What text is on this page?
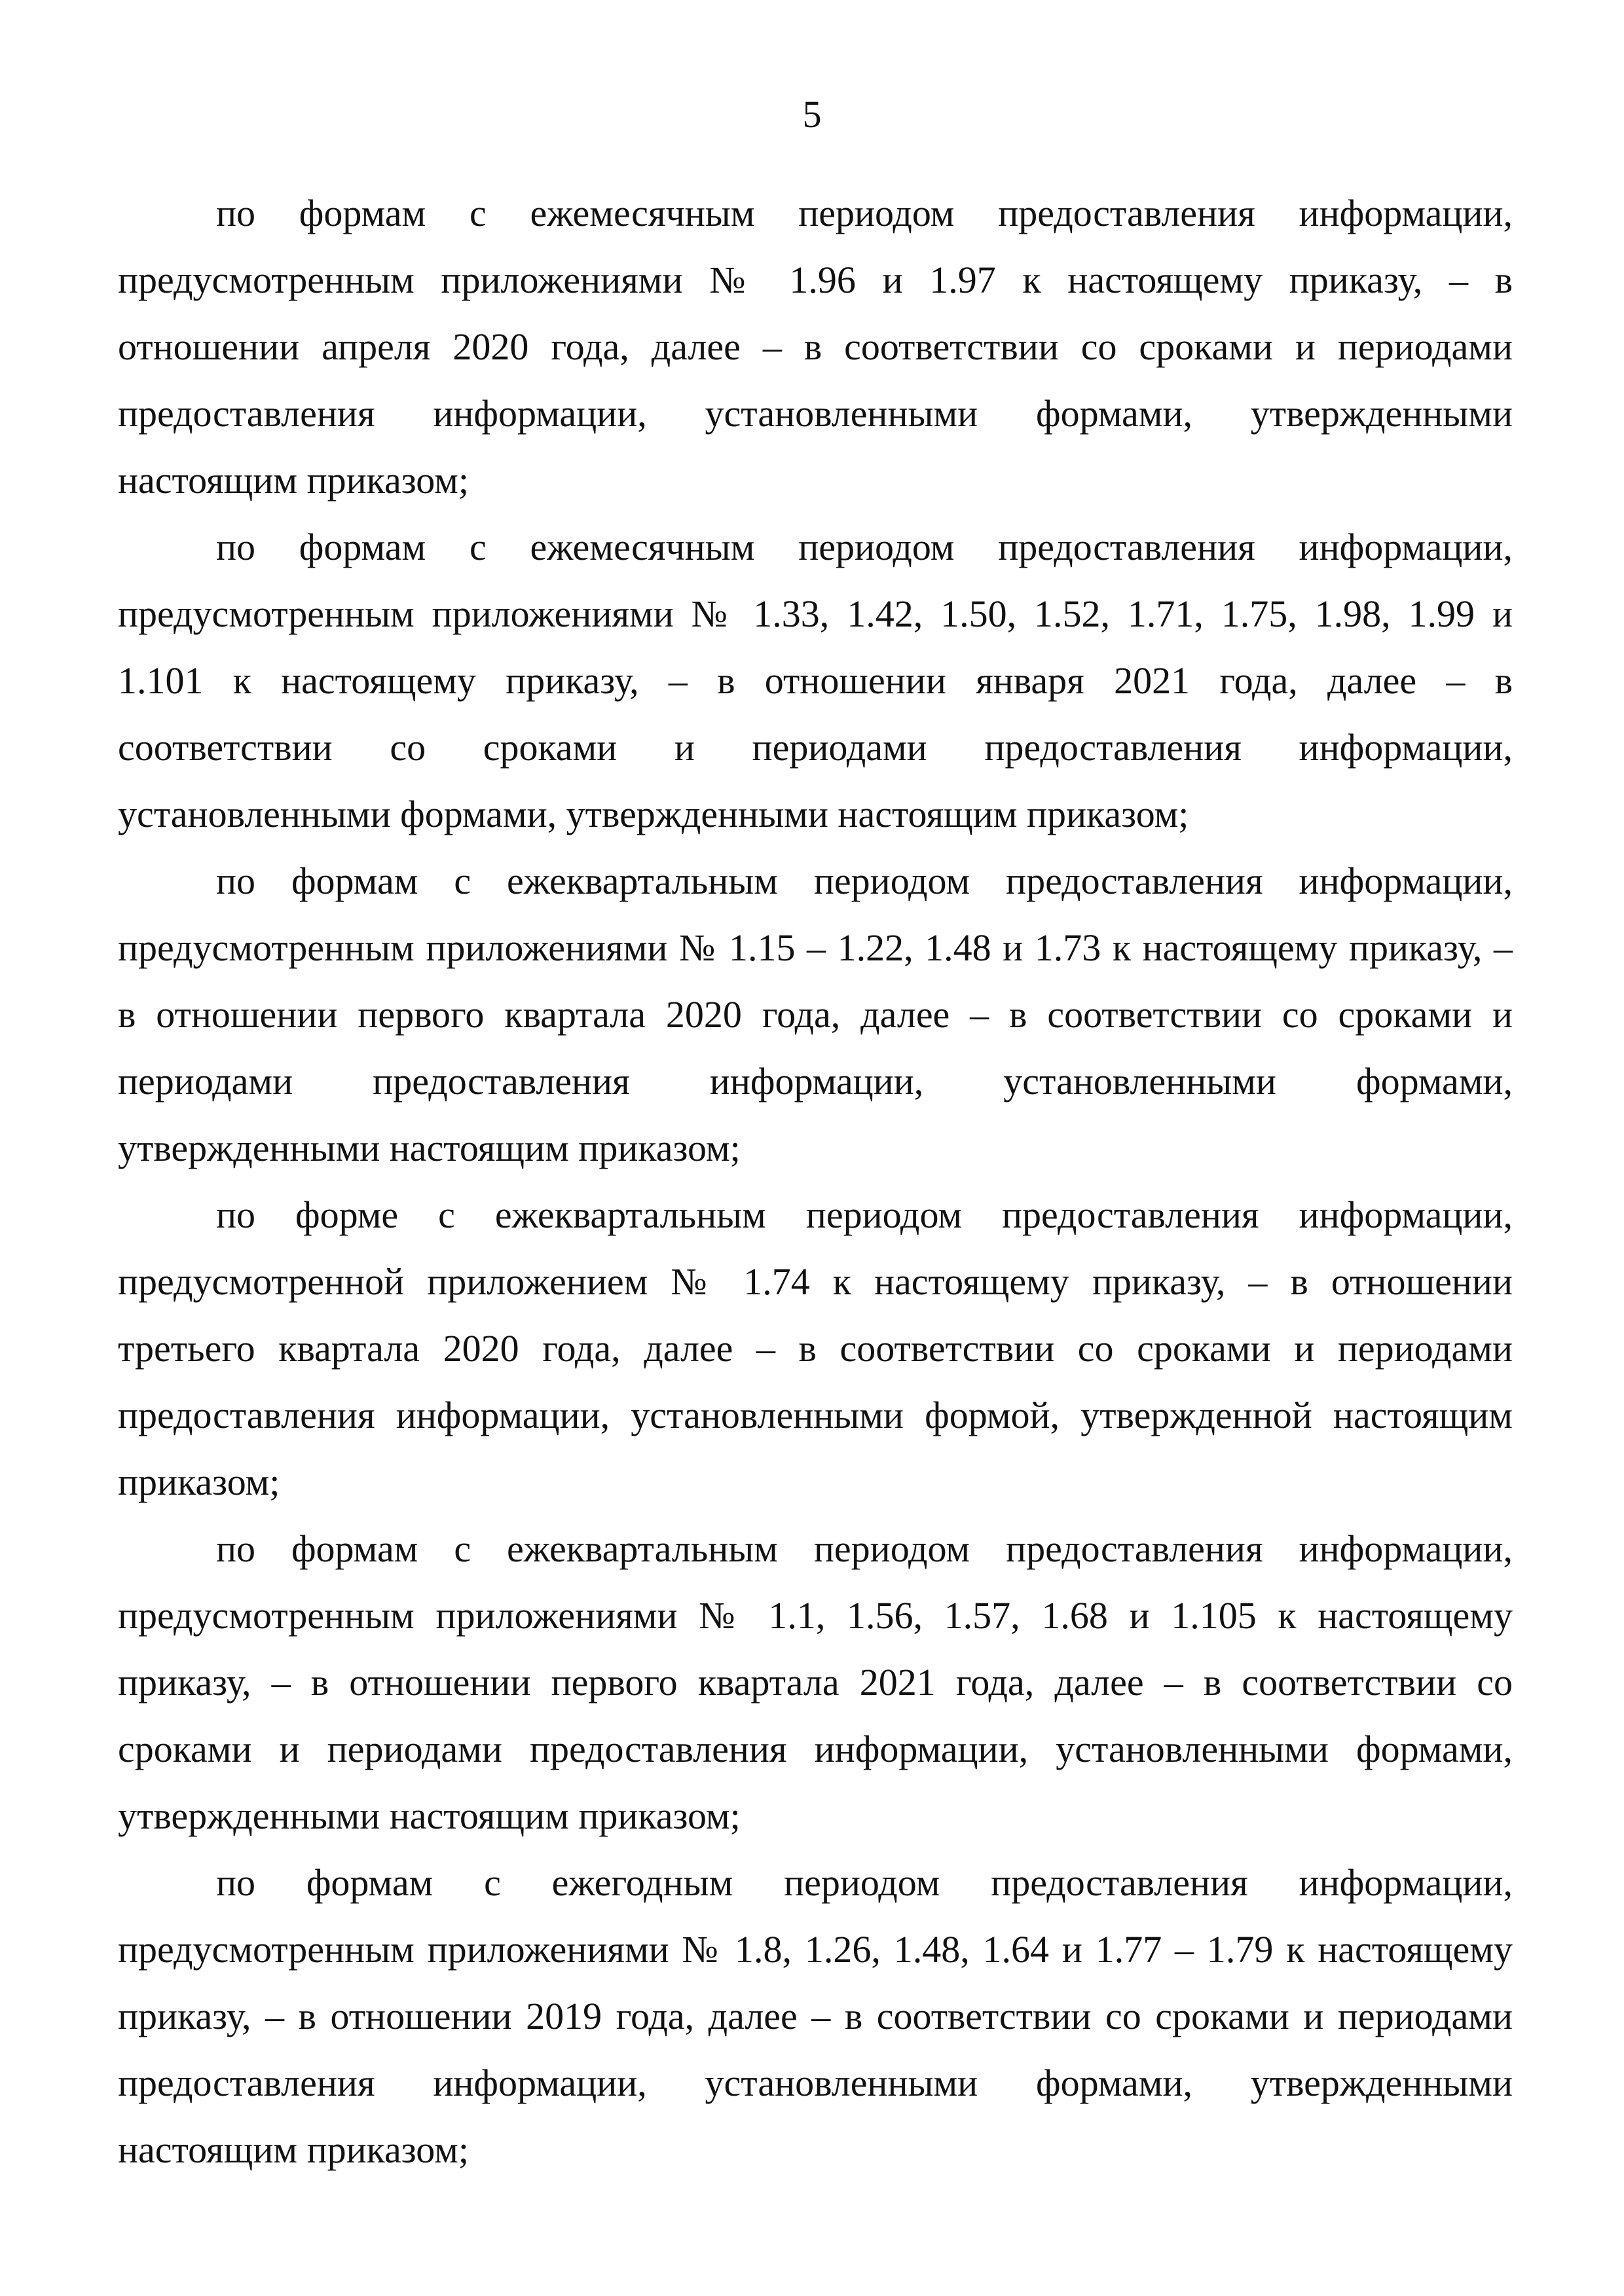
5
по формам с ежемесячным периодом предоставления информации,
предусмотренным приложениями № 1.96 и 1.97 к настоящему приказу, – в
отношении апреля 2020 года, далее – в соответствии со сроками и периодами
предоставления информации, установленными формами, утвержденными
настоящим приказом;
по формам с ежемесячным периодом предоставления информации,
предусмотренным приложениями № 1.33, 1.42, 1.50, 1.52, 1.71, 1.75, 1.98, 1.99 и
1.101 к настоящему приказу, – в отношении января 2021 года, далее – в
соответствии со сроками и периодами предоставления информации,
установленными формами, утвержденными настоящим приказом;
по формам с ежеквартальным периодом предоставления информации,
предусмотренным приложениями № 1.15 – 1.22, 1.48 и 1.73 к настоящему приказу, –
в отношении первого квартала 2020 года, далее – в соответствии со сроками и
периодами предоставления информации, установленными формами,
утвержденными настоящим приказом;
по форме с ежеквартальным периодом предоставления информации,
предусмотренной приложением № 1.74 к настоящему приказу, – в отношении
третьего квартала 2020 года, далее – в соответствии со сроками и периодами
предоставления информации, установленными формой, утвержденной настоящим
приказом;
по формам с ежеквартальным периодом предоставления информации,
предусмотренным приложениями № 1.1, 1.56, 1.57, 1.68 и 1.105 к настоящему
приказу, – в отношении первого квартала 2021 года, далее – в соответствии со
сроками и периодами предоставления информации, установленными формами,
утвержденными настоящим приказом;
по формам с ежегодным периодом предоставления информации,
предусмотренным приложениями № 1.8, 1.26, 1.48, 1.64 и 1.77 – 1.79 к настоящему
приказу, – в отношении 2019 года, далее – в соответствии со сроками и периодами
предоставления информации, установленными формами, утвержденными
настоящим приказом;
